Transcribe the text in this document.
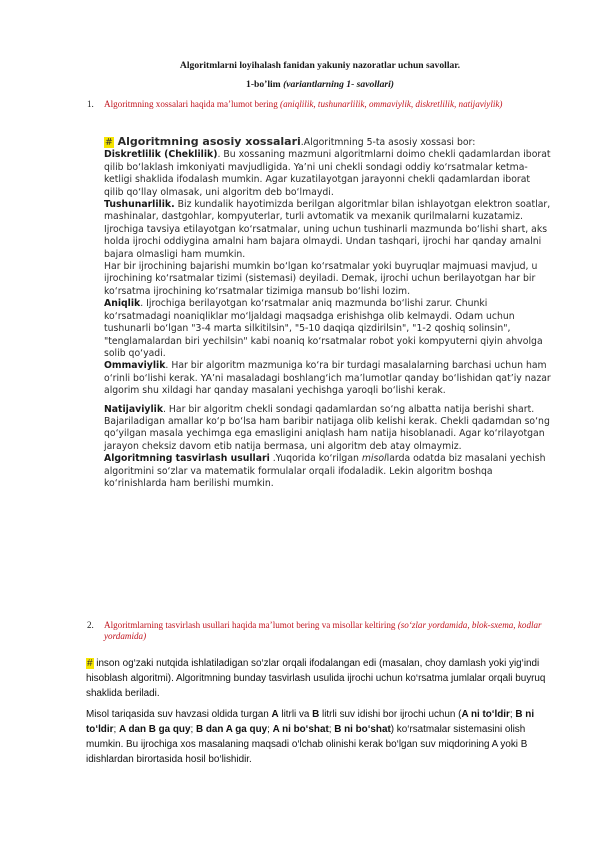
Algoritmlarni loyihalash fanidan yakuniy nazoratlar uchun savollar.
1-bo’lim (variantlarning 1- savollari)
1. Algoritmning xossalari haqida ma’lumot bering (aniqlilik, tushunarlilik, ommaviylik, diskretlilik, natijaviylik)

# Algoritmning asosiy xossalari.Algoritmning 5-ta asosiy xossasi bor:

Diskretlilik (Cheklilik). Bu xossaning mazmuni algoritmlarni doimo chekli qadamlardan iborat qilib bo‘laklash imkoniyati mavjudligida. Ya’ni uni chekli sondagi oddiy ko‘rsatmalar ketma-ketligi shaklida ifodalash mumkin. Agar kuzatilayotgan jarayonni chekli qadamlardan iborat qilib qo‘llay olmasak, uni algoritm deb bo‘lmaydi.

Tushunarlilik. Biz kundalik hayotimizda berilgan algoritmlar bilan ishlayotgan elektron soatlar, mashinalar, dastgohlar, kompyuterlar, turli avtomatik va mexanik qurilmalarni kuzatamiz.

Ijrochiga tavsiya etilayotgan ko‘rsatmalar, uning uchun tushinarli mazmunda bo‘lishi shart, aks holda ijrochi oddiygina amalni ham bajara olmaydi. Undan tashqari, ijrochi har qanday amalni bajara olmasligi ham mumkin.

Har bir ijrochining bajarishi mumkin bo‘lgan ko‘rsatmalar yoki buyruqlar majmuasi mavjud, u ijrochining ko‘rsatmalar tizimi (sistemasi) deyiladi. Demak, ijrochi uchun berilayotgan har bir ko‘rsatma ijrochining ko‘rsatmalar tizimiga mansub bo‘lishi lozim.

Aniqlik. Ijrochiga berilayotgan ko‘rsatmalar aniq mazmunda bo‘lishi zarur. Chunki ko‘rsatmadagi noaniqliklar mo‘ljaldagi maqsadga erishishga olib kelmaydi. Odam uchun tushunarli bo‘lgan "3-4 marta silkitilsin", "5-10 daqiqa qizdirilsin", "1-2 qoshiq solinsin", "tenglamalardan biri yechilsin" kabi noaniq ko‘rsatmalar robot yoki kompyuterni qiyin ahvolga solib qo‘yadi.

Ommaviylik. Har bir algoritm mazmuniga ko‘ra bir turdagi masalalarning barchasi uchun ham o‘rinli bo‘lishi kerak. YA’ni masaladagi boshlang‘ich ma’lumotlar qanday bo‘lishidan qat’iy nazar algorim shu xildagi har qanday masalani yechishga yaroqli bo‘lishi kerak.

Natijaviylik. Har bir algoritm chekli sondagi qadamlardan so‘ng albatta natija berishi shart. Bajariladigan amallar ko‘p bo‘lsa ham baribir natijaga olib kelishi kerak. Chekli qadamdan so‘ng qo‘yilgan masala yechimga ega emasligini aniqlash ham natija hisoblanadi. Agar ko‘rilayotgan jarayon cheksiz davom etib natija bermasa, uni algoritm deb atay olmaymiz.

Algoritmning tasvirlash usullari .Yuqorida ko‘rilgan misollarda odatda biz masalani yechish algoritmini so‘zlar va matematik formulalar orqali ifodaladik. Lekin algoritm boshqa ko‘rinishlarda ham berilishi mumkin.

2. Algoritmlarning tasvirlash usullari haqida ma’lumot bering va misollar keltiring (so‘zlar yordamida, blok-sxema, kodlar yordamida)

# inson og‘zaki nutqida ishlatiladigan so‘zlar orqali ifodalangan edi (masalan, choy damlash yoki yig‘indi hisoblash algoritmi). Algoritmning bunday tasvirlash usulida ijrochi uchun ko‘rsatma jumlalar orqali buyruq shaklida beriladi.

Misol tariqasida suv havzasi oldida turgan A litrli va B litrli suv idishi bor ijrochi uchun (A ni to‘ldir; B ni to‘ldir; A dan B ga quy; B dan A ga quy; A ni bo‘shat; B ni bo‘shat) ko‘rsatmalar sistemasini olish mumkin. Bu ijrochiga xos masalaning maqsadi o‘lchab olinishi kerak bo‘lgan suv miqdorining A yoki B idishlardan birortasida hosil bo‘lishidir.
